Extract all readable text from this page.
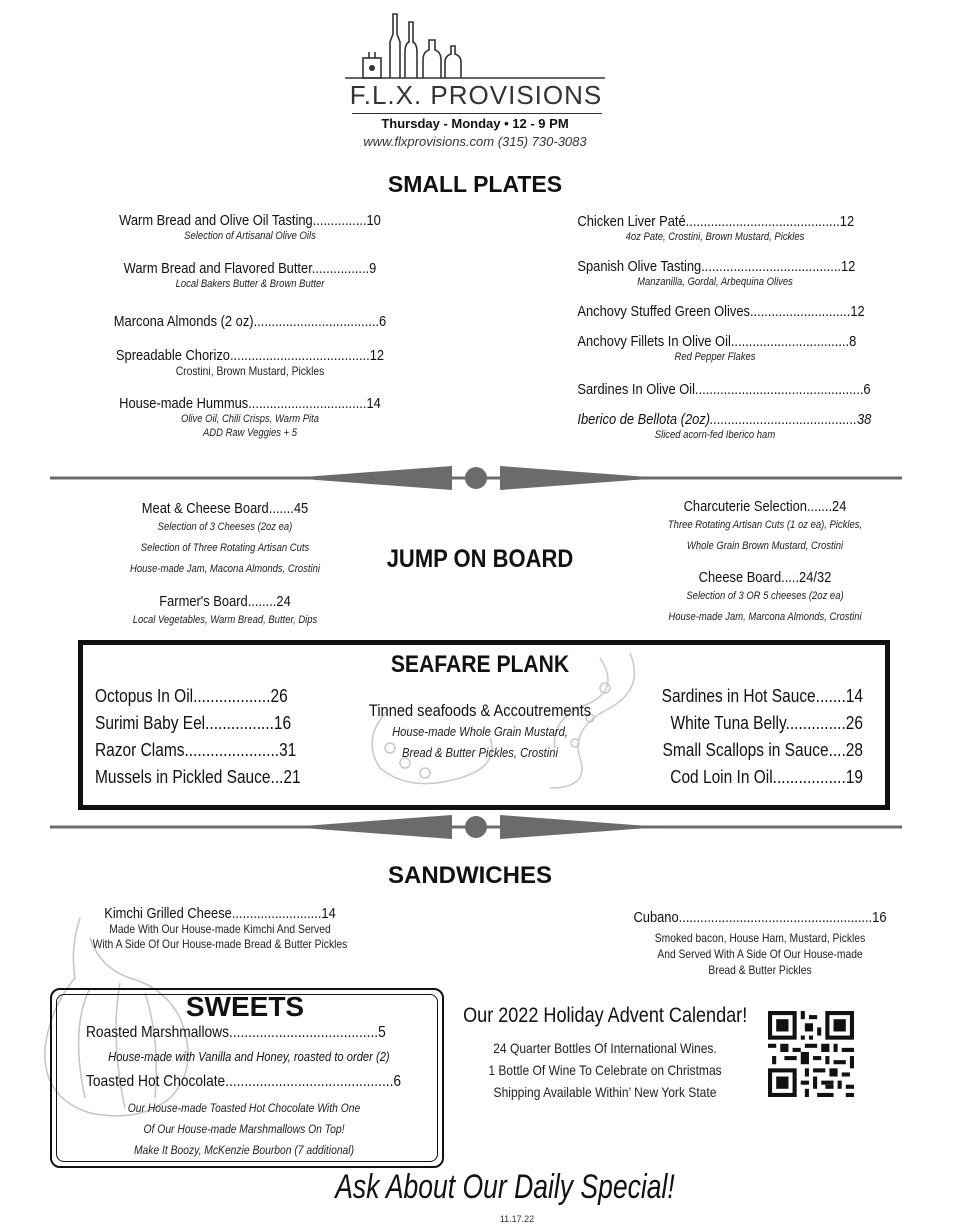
F.L.X. PROVISIONS
Thursday - Monday • 12 - 9 PM
www.flxprovisions.com (315) 730-3083
SMALL PLATES
Warm Bread and Olive Oil Tasting...............10
Selection of Artisanal Olive Oils
Warm Bread and Flavored Butter................9
Local Bakers Butter & Brown Butter
Marcona Almonds (2 oz)...................................6
Spreadable Chorizo.......................................12
Crostini, Brown Mustard, Pickles
House-made Hummus.................................14
Olive Oil, Chili Crisps, Warm Pita
ADD Raw Veggies + 5
Chicken Liver Paté...........................................12
4oz Pate, Crostini, Brown Mustard, Pickles
Spanish Olive Tasting.......................................12
Manzanilla, Gordal, Arbequina Olives
Anchovy Stuffed Green Olives............................12
Anchovy Fillets In Olive Oil.................................8
Red Pepper Flakes
Sardines In Olive Oil...............................................6
Iberico de Bellota (2oz).........................................38
Sliced acorn-fed Iberico ham
JUMP ON BOARD
Meat & Cheese Board.......45
Selection of 3 Cheeses (2oz ea)
Selection of Three Rotating Artisan Cuts
House-made Jam, Macona Almonds, Crostini
Farmer's Board........24
Local Vegetables, Warm Bread, Butter, Dips
Charcuterie Selection.......24
Three Rotating Artisan Cuts (1 oz ea), Pickles,
Whole Grain Brown Mustard, Crostini
Cheese Board.....24/32
Selection of 3 OR 5 cheeses (2oz ea)
House-made Jam, Marcona Almonds, Crostini
SEAFARE PLANK
Octopus In Oil..................26
Surimi Baby Eel................16
Razor Clams......................31
Mussels in Pickled Sauce...21
Sardines in Hot Sauce.......14
White Tuna Belly..............26
Small Scallops in Sauce....28
Cod Loin In Oil.................19
Tinned seafoods & Accoutrements
House-made Whole Grain Mustard,
Bread & Butter Pickles, Crostini
SANDWICHES
Kimchi Grilled Cheese.........................14
Made With Our House-made Kimchi And Served
With A Side Of Our House-made Bread & Butter Pickles
Cubano......................................................16
Smoked bacon, House Ham, Mustard, Pickles
And Served With A Side Of Our House-made
Bread & Butter Pickles
SWEETS
Roasted Marshmallows.......................................5
House-made with Vanilla and Honey, roasted to order (2)
Toasted Hot Chocolate............................................6
Our House-made Toasted Hot Chocolate With One
Of Our House-made Marshmallows On Top!
Make It Boozy, McKenzie Bourbon (7 additional)
Our 2022 Holiday Advent Calendar!
24 Quarter Bottles Of International Wines.
1 Bottle Of Wine To Celebrate on Christmas
Shipping Available Within’ New York State
Ask About Our Daily Special!
11.17.22
